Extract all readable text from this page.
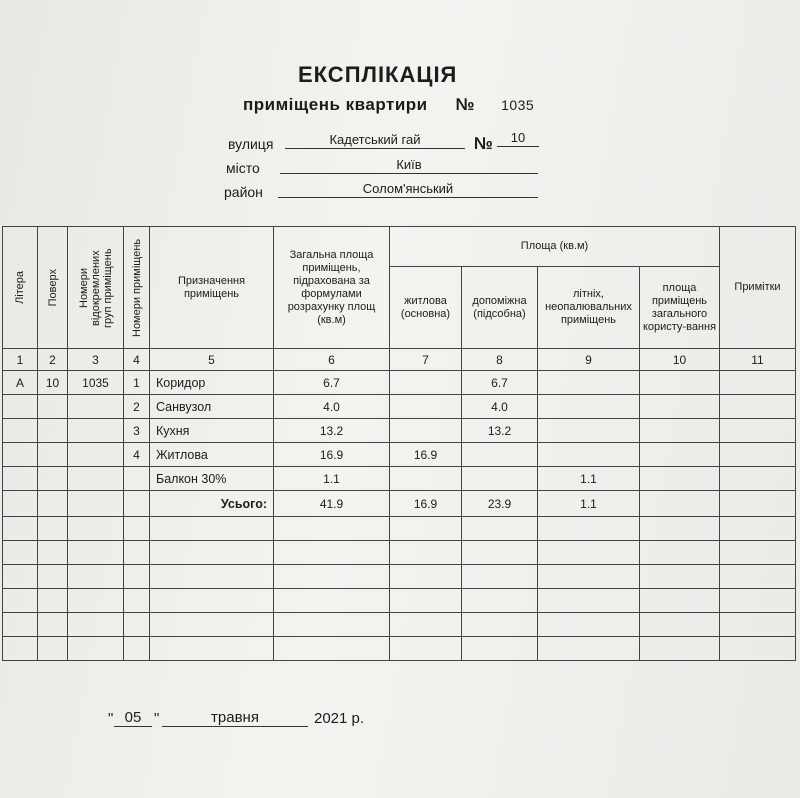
ЕКСПЛІКАЦІЯ
приміщень квартири № 1035
вулиця	Кадетський гай	№	10
місто	Київ
район	Солом'янський
Літера	Поверх	Номери відокремлених груп приміщень	Номери приміщень	Призначення приміщень	Загальна площа приміщень, підрахована за формулами розрахунку площ (кв.м)	Площа (кв.м)				Примітки
						житлова (основна)	допоміжна (підсобна)	літніх, неопалювальних приміщень	площа приміщень загального користу-вання	
1	2	3	4	5	6	7	8	9	10	11
А	10	1035	1	Коридор	6.7		6.7			
			2	Санвузол	4.0		4.0			
			3	Кухня	13.2		13.2			
			4	Житлова	16.9	16.9				
				Балкон 30%	1.1			1.1		
				Усього:	41.9	16.9	23.9	1.1		

" 05 "	травня	2021 р.
